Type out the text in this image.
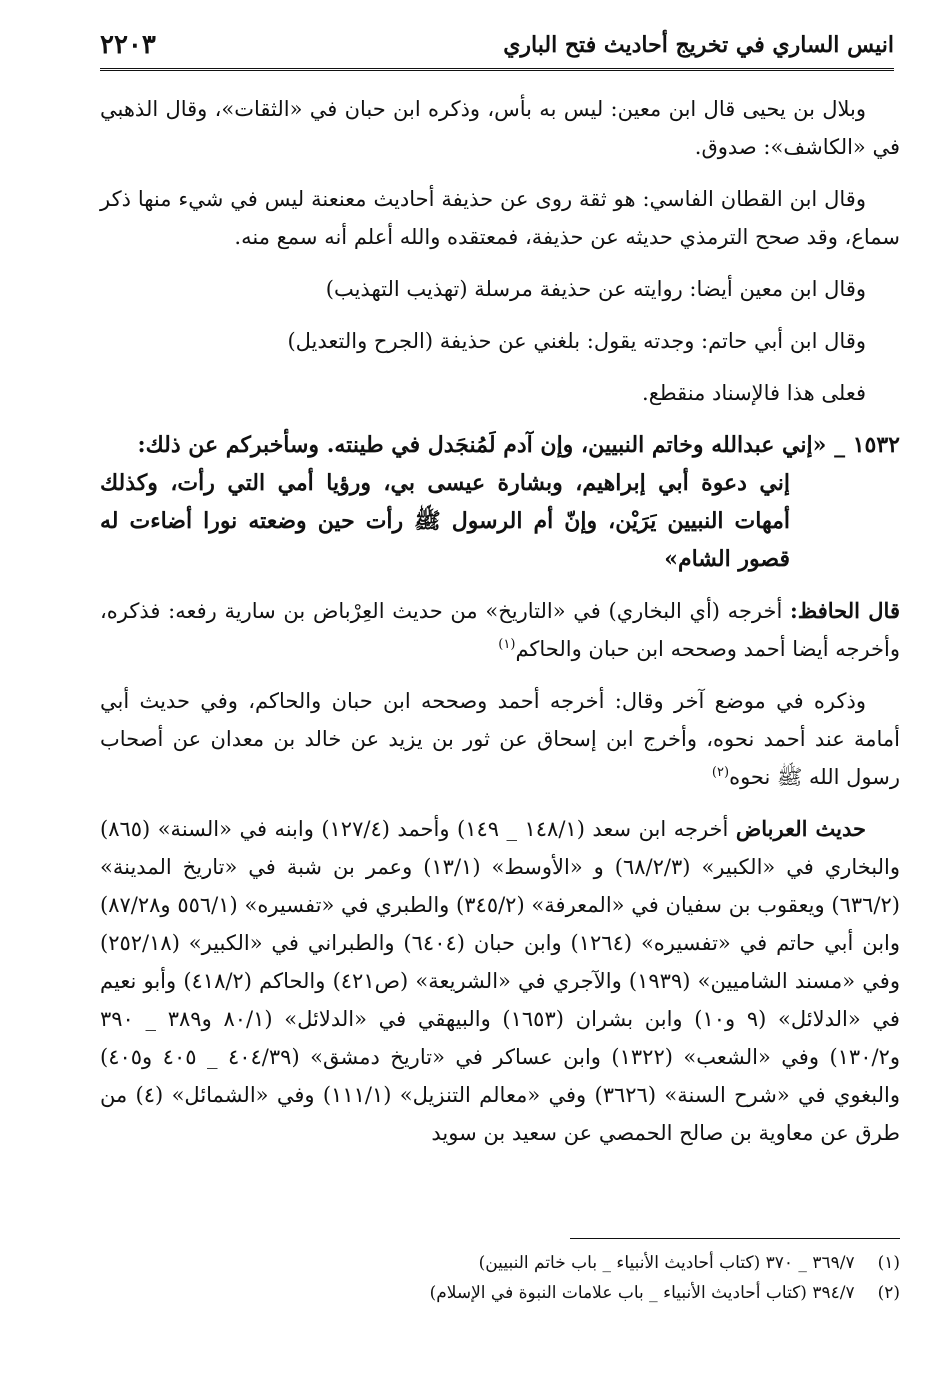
انيس الساري في تخريج أحاديث فتح الباري
٢٢٠٣

وبلال بن يحيى قال ابن معين: ليس به بأس، وذكره ابن حبان في «الثقات»، وقال الذهبي في «الكاشف»: صدوق.

وقال ابن القطان الفاسي: هو ثقة روى عن حذيفة أحاديث معنعنة ليس في شيء منها ذكر سماع، وقد صحح الترمذي حديثه عن حذيفة، فمعتقده والله أعلم أنه سمع منه.

وقال ابن معين أيضا: روايته عن حذيفة مرسلة (تهذيب التهذيب)

وقال ابن أبي حاتم: وجدته يقول: بلغني عن حذيفة (الجرح والتعديل)

فعلى هذا فالإسناد منقطع.

١٥٣٢ _ «إني عبدالله وخاتم النبيين، وإن آدم لَمُنجَدل في طينته. وسأخبركم عن ذلك:
إني دعوة أبي إبراهيم، وبشارة عيسى بي، ورؤيا أمي التي رأت، وكذلك أمهات النبيين يَرَيْن، وإنّ أم الرسول ﷺ رأت حين وضعته نورا أضاءت له قصور الشام»

قال الحافظ: أخرجه (أي البخاري) في «التاريخ» من حديث العِرْباض بن سارية رفعه: فذكره، وأخرجه أيضا أحمد وصححه ابن حبان والحاكم$^{(١)}$

وذكره في موضع آخر وقال: أخرجه أحمد وصححه ابن حبان والحاكم، وفي حديث أبي أمامة عند أحمد نحوه، وأخرج ابن إسحاق عن ثور بن يزيد عن خالد بن معدان عن أصحاب رسول الله ﷺ نحوه$^{(٢)}$

حديث العرباض أخرجه ابن سعد (١٤٨/١ _ ١٤٩) وأحمد (١٢٧/٤) وابنه في «السنة» (٨٦٥) والبخاري في «الكبير» (٦٨/٢/٣) و «الأوسط» (١٣/١) وعمر بن شبة في «تاريخ المدينة» (٦٣٦/٢) ويعقوب بن سفيان في «المعرفة» (٣٤٥/٢) والطبري في «تفسيره» (٥٥٦/١ و٨٧/٢٨) وابن أبي حاتم في «تفسيره» (١٢٦٤) وابن حبان (٦٤٠٤) والطبراني في «الكبير» (٢٥٢/١٨) وفي «مسند الشاميين» (١٩٣٩) والآجري في «الشريعة» (ص٤٢١) والحاكم (٤١٨/٢) وأبو نعيم في «الدلائل» (٩ و١٠) وابن بشران (١٦٥٣) والبيهقي في «الدلائل» (٨٠/١ و٣٨٩ _ ٣٩٠ و١٣٠/٢) وفي «الشعب» (١٣٢٢) وابن عساكر في «تاريخ دمشق» (٤٠٤/٣٩ _ ٤٠٥ و٤٠٥) والبغوي في «شرح السنة» (٣٦٢٦) وفي «معالم التنزيل» (١١١/١) وفي «الشمائل» (٤) من طرق عن معاوية بن صالح الحمصي عن سعيد بن سويد

(١) ٣٦٩/٧ _ ٣٧٠ (كتاب أحاديث الأنبياء _ باب خاتم النبيين)
(٢) ٣٩٤/٧ (كتاب أحاديث الأنبياء _ باب علامات النبوة في الإسلام)
